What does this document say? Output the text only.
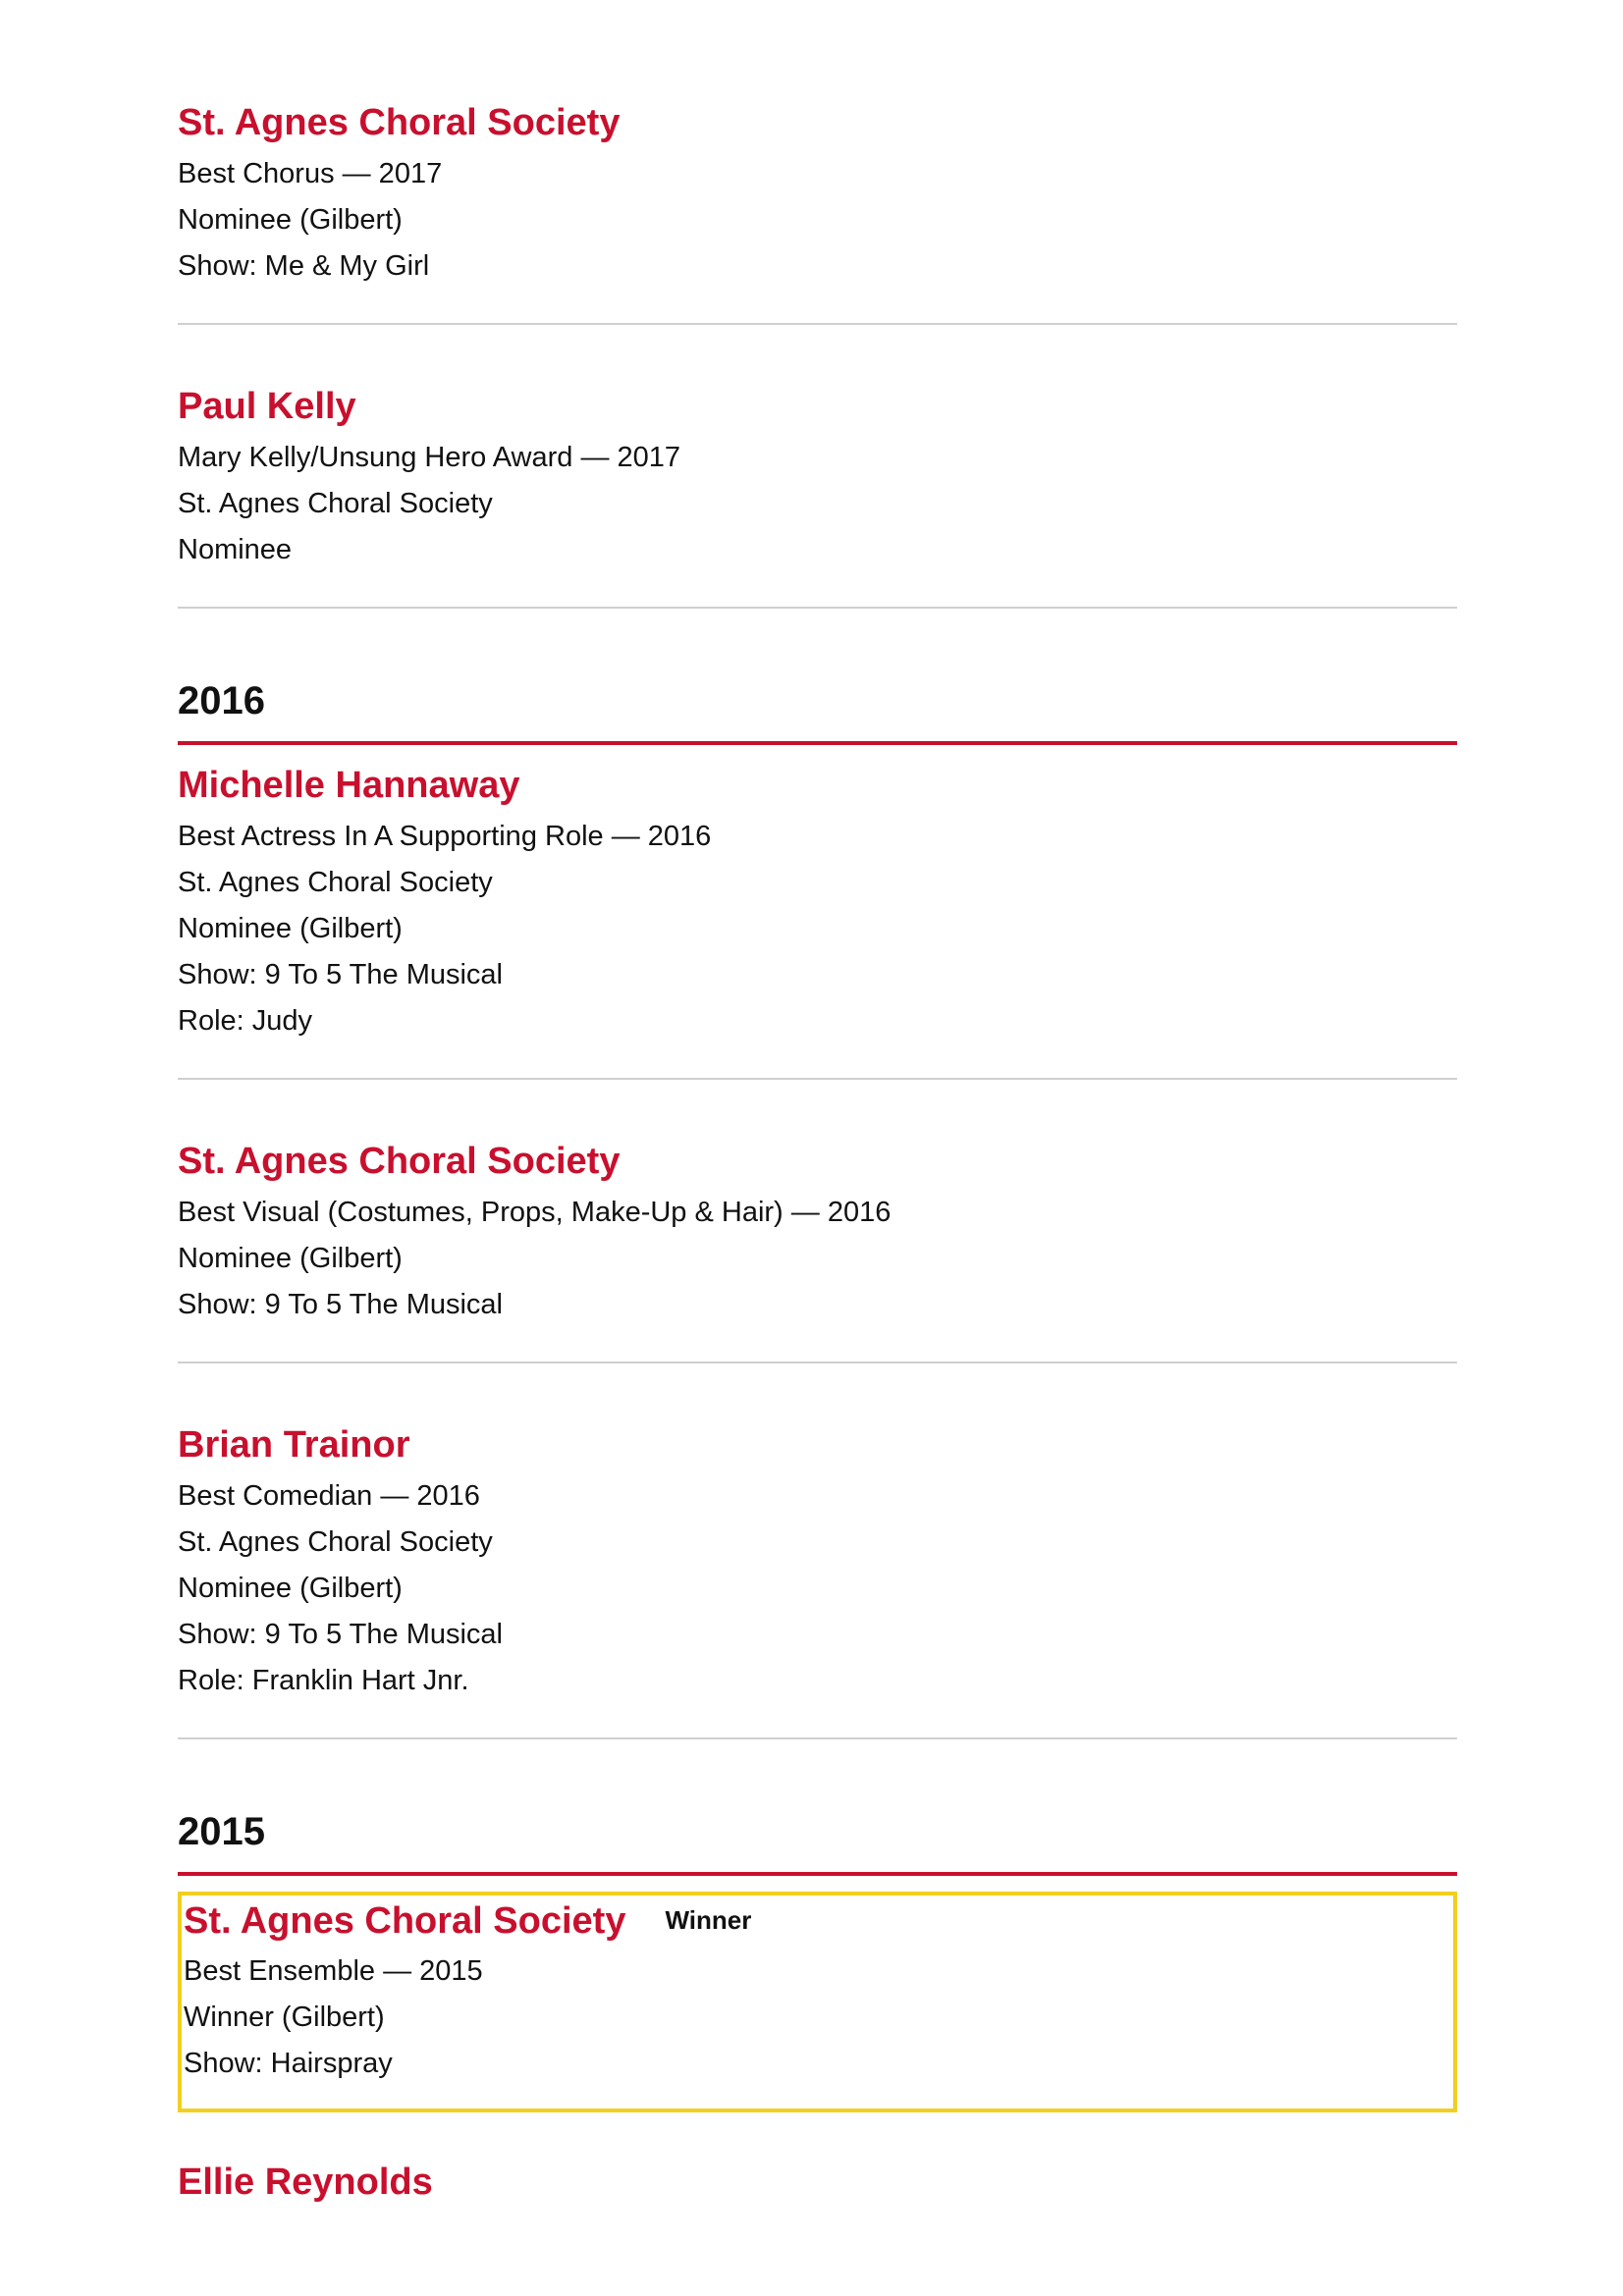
St. Agnes Choral Society
Best Chorus — 2017
Nominee (Gilbert)
Show: Me & My Girl
Paul Kelly
Mary Kelly/Unsung Hero Award — 2017
St. Agnes Choral Society
Nominee
2016
Michelle Hannaway
Best Actress In A Supporting Role — 2016
St. Agnes Choral Society
Nominee (Gilbert)
Show: 9 To 5 The Musical
Role: Judy
St. Agnes Choral Society
Best Visual (Costumes, Props, Make-Up & Hair) — 2016
Nominee (Gilbert)
Show: 9 To 5 The Musical
Brian Trainor
Best Comedian — 2016
St. Agnes Choral Society
Nominee (Gilbert)
Show: 9 To 5 The Musical
Role: Franklin Hart Jnr.
2015
St. Agnes Choral Society Winner
Best Ensemble — 2015
Winner (Gilbert)
Show: Hairspray
Ellie Reynolds
